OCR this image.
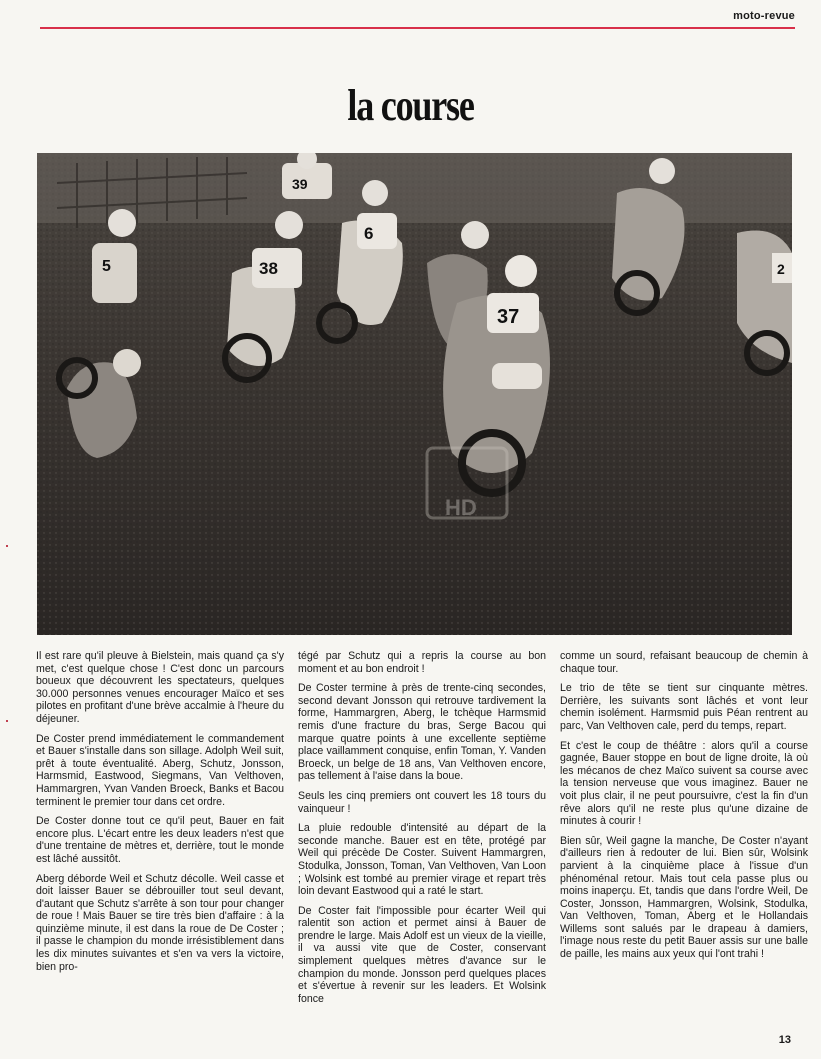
moto-revue
la course
5	38
6
39
37
2
HD

Il est rare qu'il pleuve à Bielstein, mais quand ça s'y met, c'est quelque chose ! C'est donc un parcours boueux que découvrent les spectateurs, quelques 30.000 personnes venues encourager Maïco et ses pilotes en profitant d'une brève accalmie à l'heure du déjeuner.

De Coster prend immédiatement le commandement et Bauer s'installe dans son sillage. Adolph Weil suit, prêt à toute éventualité. Aberg, Schutz, Jonsson, Harmsmid, Eastwood, Siegmans, Van Velthoven, Hammargren, Yvan Vanden Broeck, Banks et Bacou terminent le premier tour dans cet ordre.

De Coster donne tout ce qu'il peut, Bauer en fait encore plus. L'écart entre les deux leaders n'est que d'une trentaine de mètres et, derrière, tout le monde est lâché aussitôt.

Aberg déborde Weil et Schutz décolle. Weil casse et doit laisser Bauer se débrouiller tout seul devant, d'autant que Schutz s'arrête à son tour pour changer de roue ! Mais Bauer se tire très bien d'affaire : à la quinzième minute, il est dans la roue de De Coster ; il passe le champion du monde irrésistiblement dans les dix minutes suivantes et s'en va vers la victoire, bien pro-

tégé par Schutz qui a repris la course au bon moment et au bon endroit !

De Coster termine à près de trente-cinq secondes, second devant Jonsson qui retrouve tardivement la forme, Hammargren, Aberg, le tchèque Harmsmid remis d'une fracture du bras, Serge Bacou qui marque quatre points à une excellente septième place vaillamment conquise, enfin Toman, Y. Vanden Broeck, un belge de 18 ans, Van Velthoven encore, pas tellement à l'aise dans la boue.

Seuls les cinq premiers ont couvert les 18 tours du vainqueur !

La pluie redouble d'intensité au départ de la seconde manche. Bauer est en tête, protégé par Weil qui précède De Coster. Suivent Hammargren, Stodulka, Jonsson, Toman, Van Velthoven, Van Loon ; Wolsink est tombé au premier virage et repart très loin devant Eastwood qui a raté le start.

De Coster fait l'impossible pour écarter Weil qui ralentit son action et permet ainsi à Bauer de prendre le large. Mais Adolf est un vieux de la vieille, il va aussi vite que de Coster, conservant simplement quelques mètres d'avance sur le champion du monde. Jonsson perd quelques places et s'évertue à revenir sur les leaders. Et Wolsink fonce

comme un sourd, refaisant beaucoup de chemin à chaque tour.

Le trio de tête se tient sur cinquante mètres. Derrière, les suivants sont lâchés et vont leur chemin isolément. Harmsmid puis Péan rentrent au parc, Van Velthoven cale, perd du temps, repart.

Et c'est le coup de théâtre : alors qu'il a course gagnée, Bauer stoppe en bout de ligne droite, là où les mécanos de chez Maïco suivent sa course avec la tension nerveuse que vous imaginez. Bauer ne voit plus clair, il ne peut poursuivre, c'est la fin d'un rêve alors qu'il ne reste plus qu'une dizaine de minutes à courir !

Bien sûr, Weil gagne la manche, De Coster n'ayant d'ailleurs rien à redouter de lui. Bien sûr, Wolsink parvient à la cinquième place à l'issue d'un phénoménal retour. Mais tout cela passe plus ou moins inaperçu. Et, tandis que dans l'ordre Weil, De Coster, Jonsson, Hammargren, Wolsink, Stodulka, Van Velthoven, Toman, Aberg et le Hollandais Willems sont salués par le drapeau à damiers, l'image nous reste du petit Bauer assis sur une balle de paille, les mains aux yeux qui l'ont trahi !

13
